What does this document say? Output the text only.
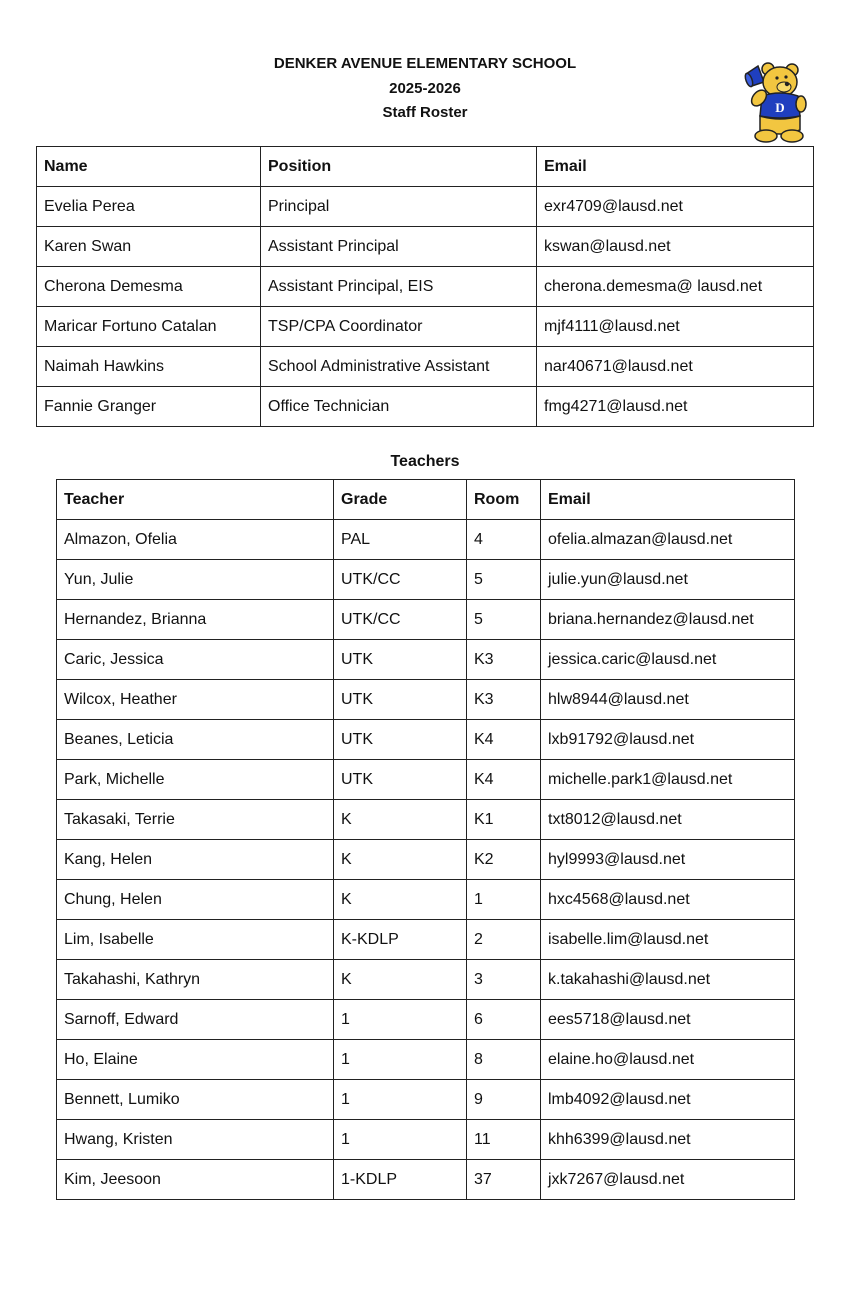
DENKER AVENUE ELEMENTARY SCHOOL
2025-2026
Staff Roster	D
Name	Position	Email
Evelia Perea	Principal	exr4709@lausd.net
Karen Swan	Assistant Principal	kswan@lausd.net
Cherona Demesma	Assistant Principal, EIS	cherona.demesma@ lausd.net
Maricar Fortuno Catalan	TSP/CPA Coordinator	mjf4111@lausd.net
Naimah Hawkins	School Administrative Assistant	nar40671@lausd.net
Fannie Granger	Office Technician	fmg4271@lausd.net
Teachers
Teacher	Grade	Room	Email
Almazon, Ofelia	PAL	4	ofelia.almazan@lausd.net
Yun, Julie	UTK/CC	5	julie.yun@lausd.net
Hernandez, Brianna	UTK/CC	5	briana.hernandez@lausd.net
Caric, Jessica	UTK	K3	jessica.caric@lausd.net
Wilcox, Heather	UTK	K3	hlw8944@lausd.net
Beanes, Leticia	UTK	K4	lxb91792@lausd.net
Park, Michelle	UTK	K4	michelle.park1@lausd.net
Takasaki, Terrie	K	K1	txt8012@lausd.net
Kang, Helen	K	K2	hyl9993@lausd.net
Chung, Helen	K	1	hxc4568@lausd.net
Lim, Isabelle	K-KDLP	2	isabelle.lim@lausd.net
Takahashi, Kathryn	K	3	k.takahashi@lausd.net
Sarnoff, Edward	1	6	ees5718@lausd.net
Ho, Elaine	1	8	elaine.ho@lausd.net
Bennett, Lumiko	1	9	lmb4092@lausd.net
Hwang, Kristen	1	11	khh6399@lausd.net
Kim, Jeesoon	1-KDLP	37	jxk7267@lausd.net
